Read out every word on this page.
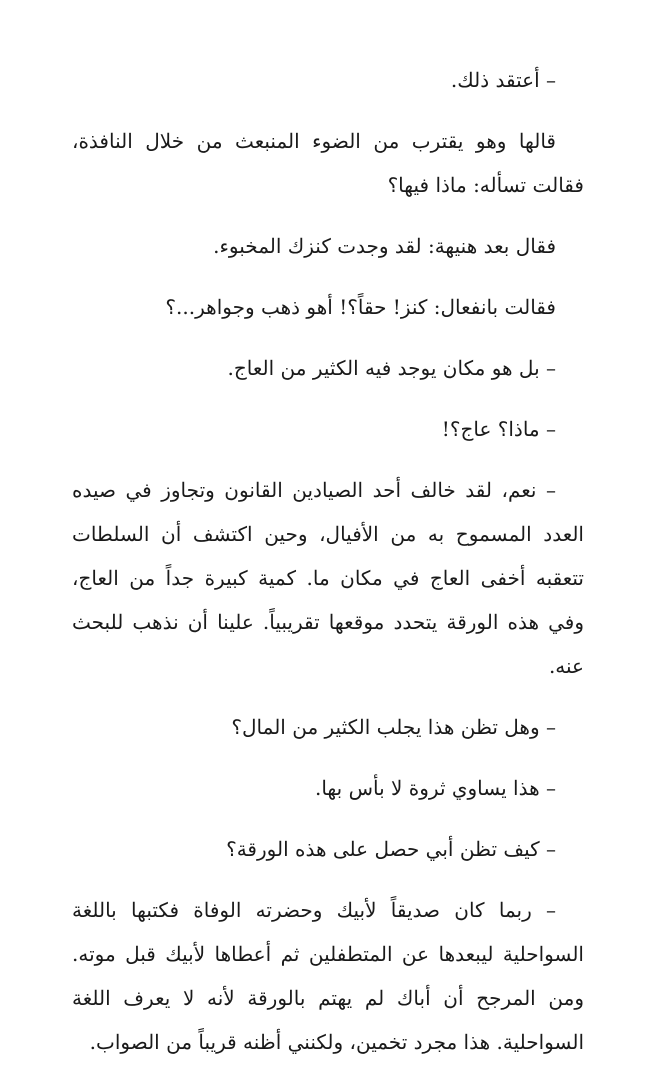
– أعتقد ذلك.

قالها وهو يقترب من الضوء المنبعث من خلال النافذة، فقالت تسأله: ماذا فيها؟

فقال بعد هنيهة: لقد وجدت كنزك المخبوء.

فقالت بانفعال: كنز! حقاً؟! أهو ذهب وجواهر...؟

– بل هو مكان يوجد فيه الكثير من العاج.

– ماذا؟ عاج؟!

– نعم، لقد خالف أحد الصيادين القانون وتجاوز في صيده العدد المسموح به من الأفيال، وحين اكتشف أن السلطات تتعقبه أخفى العاج في مكان ما. كمية كبيرة جداً من العاج، وفي هذه الورقة يتحدد موقعها تقريبياً. علينا أن نذهب للبحث عنه.

– وهل تظن هذا يجلب الكثير من المال؟

– هذا يساوي ثروة لا بأس بها.

– كيف تظن أبي حصل على هذه الورقة؟

– ربما كان صديقاً لأبيك وحضرته الوفاة فكتبها باللغة السواحلية ليبعدها عن المتطفلين ثم أعطاها لأبيك قبل موته. ومن المرجح أن أباك لم يهتم بالورقة لأنه لا يعرف اللغة السواحلية. هذا مجرد تخمين، ولكنني أظنه قريباً من الصواب.
